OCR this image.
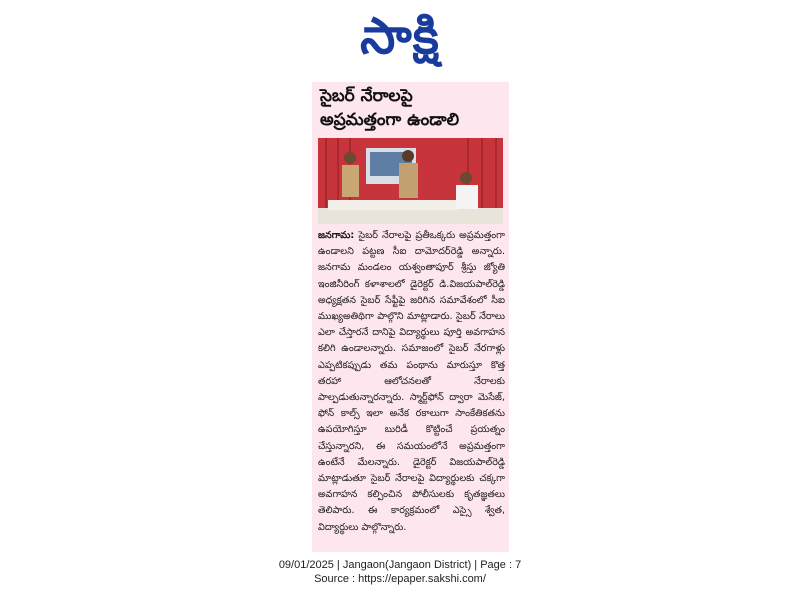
సాక్షి
సైబర్ నేరాలపై
అప్రమత్తంగా ఉండాలి
జనగామ: సైబర్ నేరాలపై ప్రతీఒక్కరు అప్రమత్తంగా ఉండాలని పట్టణ సీఐ దామోదర్‌రెడ్డి అన్నారు. జనగామ మండలం యశ్వంతాపూర్ శ్రీస్తు జ్యోతి ఇంజినీరింగ్ కళాశాలలో డైరెక్టర్ డి.విజయపాల్‌రెడ్డి అధ్యక్షతన సైబర్ సేఫ్టీపై జరిగిన సమావేశంలో సీఐ ముఖ్యఅతిథిగా పాల్గొని మాట్లాడారు. సైబర్ నేరాలు ఎలా చేస్తారనే దానిపై విద్యార్థులు పూర్తి అవగాహన కలిగి ఉండాలన్నారు. సమాజంలో సైబర్ నేరగాళ్లు ఎప్పటికప్పుడు తమ పంథాను మారుస్తూ కొత్త తరహా ఆలోచనలతో నేరాలకు పాల్పడుతున్నారన్నారు. స్మార్ట్‌ఫోన్ ద్వారా మెసేజ్, ఫోన్ కాల్స్ ఇలా అనేక రకాలుగా సాంకేతికతను ఉపయోగిస్తూ బురిడీ కొట్టించే ప్రయత్నం చేస్తున్నారని, ఈ సమయంలోనే అప్రమత్తంగా ఉంటేనే మేలన్నారు. డైరెక్టర్ విజయపాల్‌రెడ్డి మాట్లాడుతూ సైబర్ నేరాలపై విద్యార్థులకు చక్కగా అవగాహన కల్పించిన పోలీసులకు కృతజ్ఞతలు తెలిపారు. ఈ కార్యక్రమంలో ఎస్సై శ్వేత, విద్యార్థులు పాల్గొన్నారు.
09/01/2025 | Jangaon(Jangaon District) | Page : 7
Source : https://epaper.sakshi.com/
